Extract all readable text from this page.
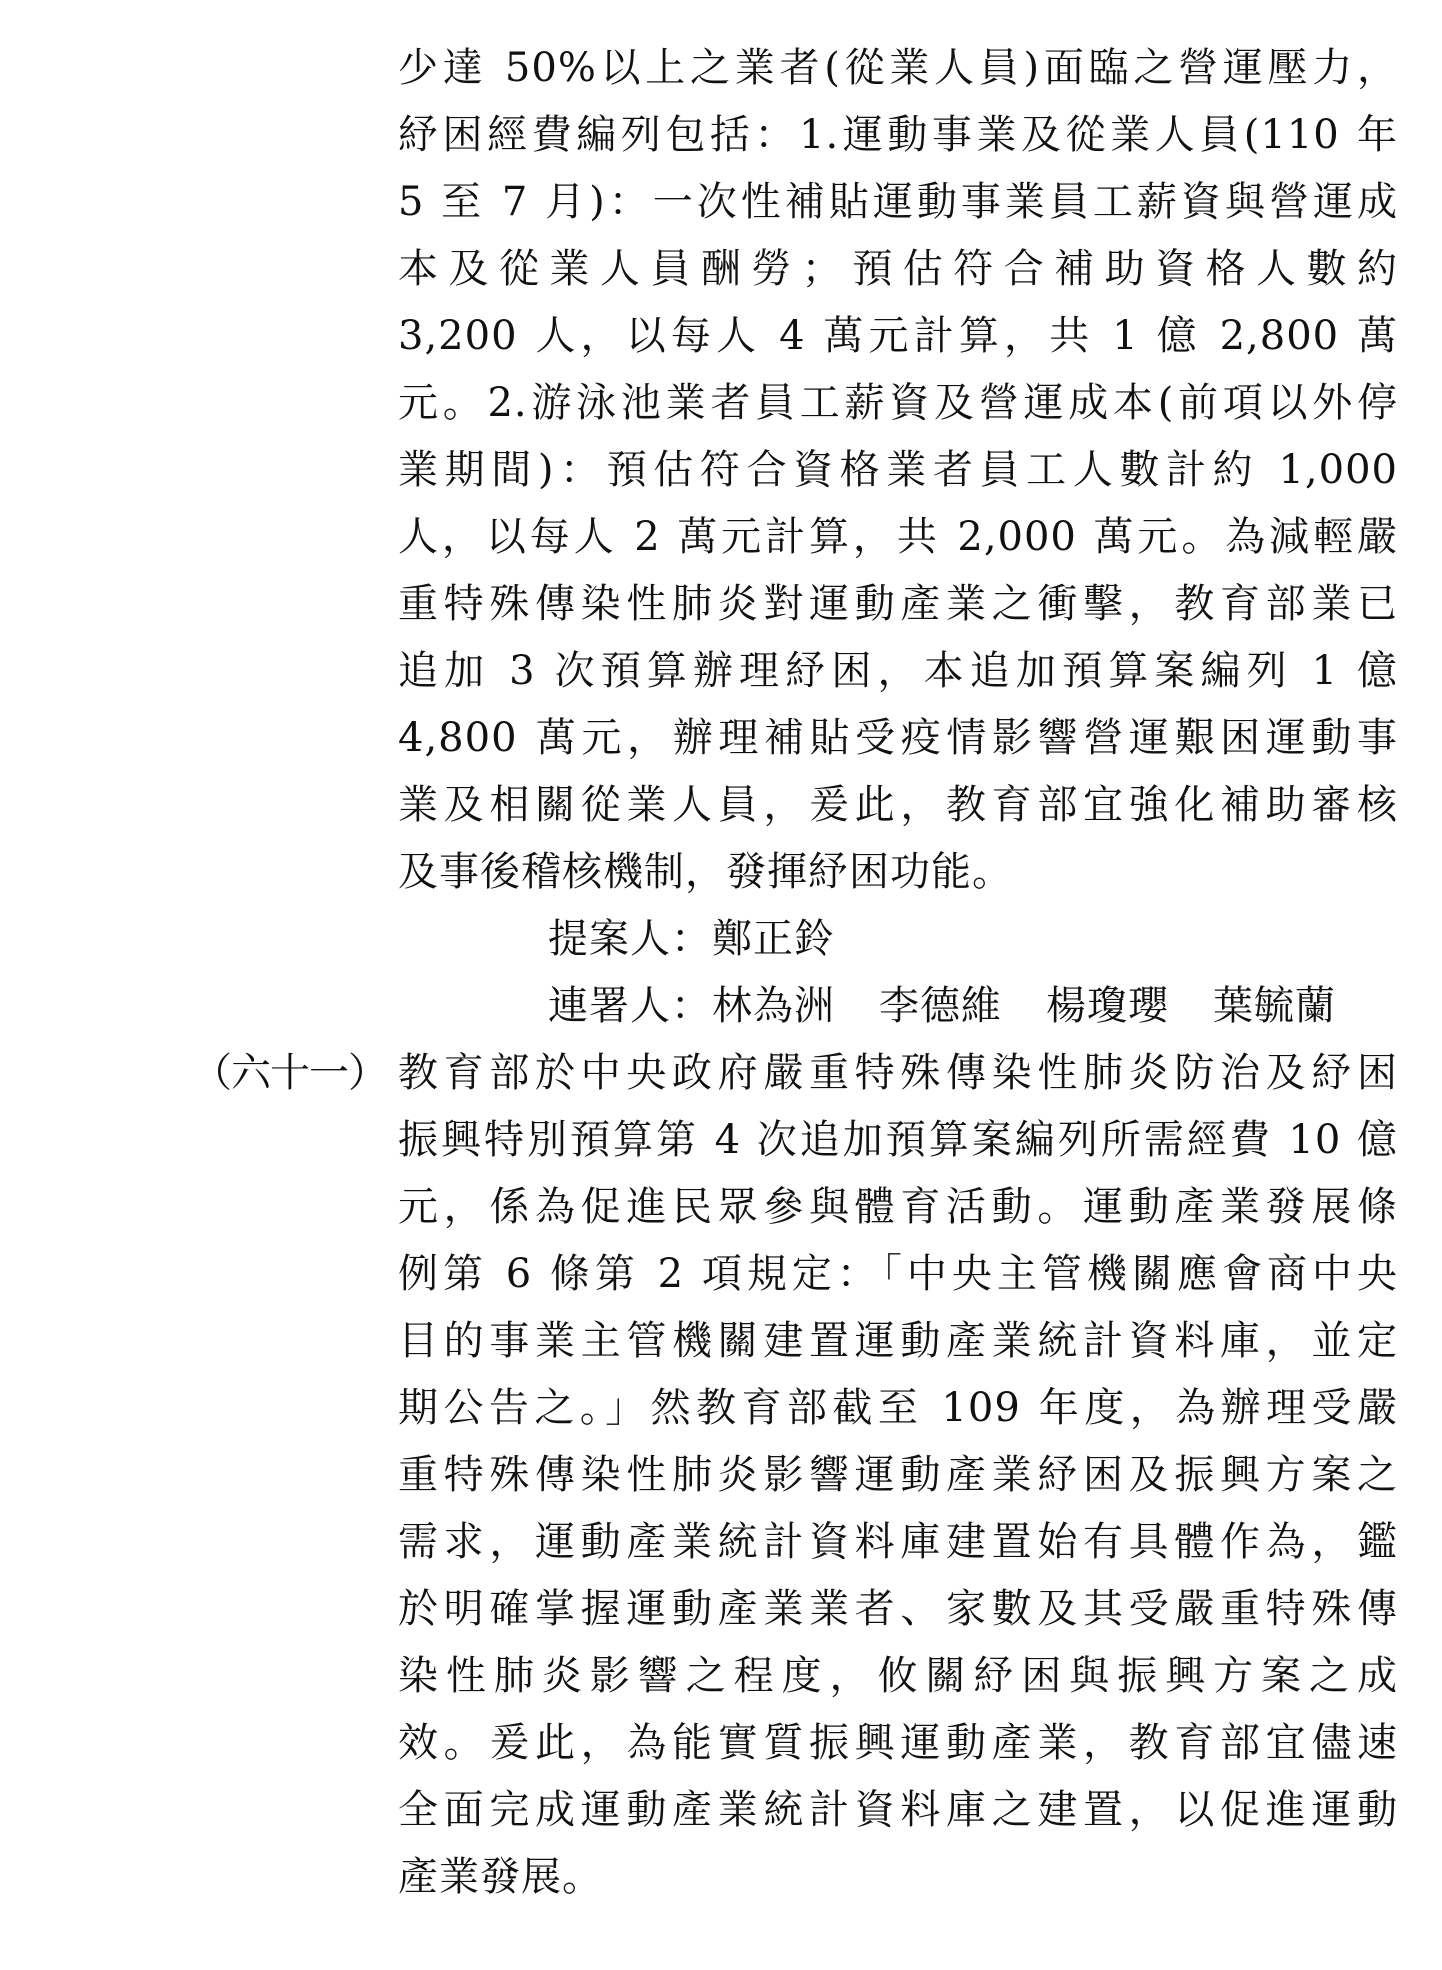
少達 50%以上之業者(從業人員)面臨之營運壓力，
紓困經費編列包括：1.運動事業及從業人員(110 年
5 至 7 月)：一次性補貼運動事業員工薪資與營運成
本及從業人員酬勞；預估符合補助資格人數約
3,200 人，以每人 4 萬元計算，共 1 億 2,800 萬
元。2.游泳池業者員工薪資及營運成本(前項以外停
業期間)：預估符合資格業者員工人數計約 1,000
人，以每人 2 萬元計算，共 2,000 萬元。為減輕嚴
重特殊傳染性肺炎對運動產業之衝擊，教育部業已
追加 3 次預算辦理紓困，本追加預算案編列 1 億
4,800 萬元，辦理補貼受疫情影響營運艱困運動事
業及相關從業人員，爰此，教育部宜強化補助審核
及事後稽核機制，發揮紓困功能。
提案人：鄭正鈴
連署人：林為洲 李德維 楊瓊瓔 葉毓蘭
（六十一） 教育部於中央政府嚴重特殊傳染性肺炎防治及紓困
振興特別預算第 4 次追加預算案編列所需經費 10 億
元，係為促進民眾參與體育活動。運動產業發展條
例第 6 條第 2 項規定：「中央主管機關應會商中央
目的事業主管機關建置運動產業統計資料庫，並定
期公告之。」然教育部截至 109 年度，為辦理受嚴
重特殊傳染性肺炎影響運動產業紓困及振興方案之
需求，運動產業統計資料庫建置始有具體作為，鑑
於明確掌握運動產業業者、家數及其受嚴重特殊傳
染性肺炎影響之程度，攸關紓困與振興方案之成
效。爰此，為能實質振興運動產業，教育部宜儘速
全面完成運動產業統計資料庫之建置，以促進運動
產業發展。
